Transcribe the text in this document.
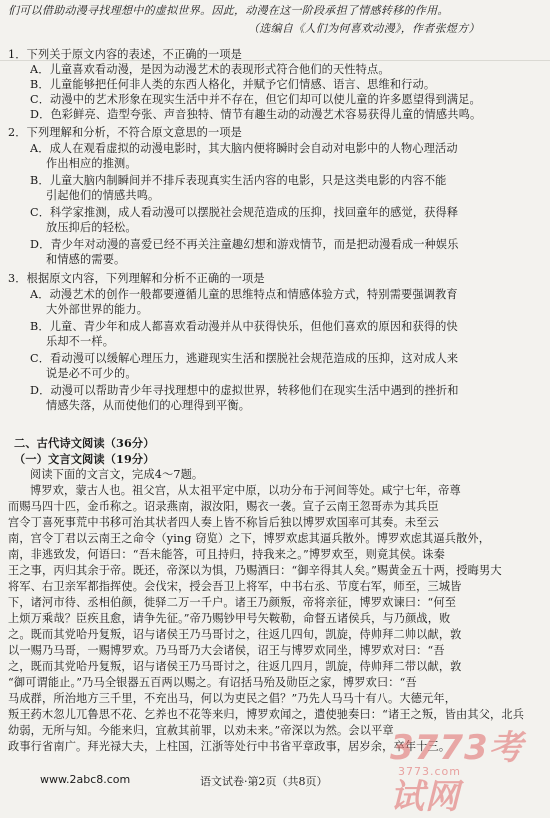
们可以借助动漫寻找理想中的虚拟世界。因此，动漫在这一阶段承担了情感转移的作用。
（选编自《人们为何喜欢动漫》，作者张煜方）
1．下列关于原文内容的表述，不正确的一项是
A．儿童喜欢看动漫，是因为动漫艺术的表现形式符合他们的天性特点。
B．儿童能够把任何非人类的东西人格化，并赋予它们情感、语言、思维和行动。
C．动漫中的艺术形象在现实生活中并不存在，但它们却可以使儿童的许多愿望得到满足。
D．色彩鲜亮、造型夸张、声音独特、情节有趣生动的动漫艺术容易获得儿童的情感共鸣。
2．下列理解和分析，不符合原文意思的一项是
A．成人在观看虚拟的动漫电影时，其大脑内便将瞬时会自动对电影中的人物心理活动
作出相应的推测。
B．儿童大脑内制瞬间并不排斥表现真实生活内容的电影，只是这类电影的内容不能
引起他们的情感共鸣。
C．科学家推测，成人看动漫可以摆脱社会规范造成的压抑，找回童年的感觉，获得释
放压抑后的轻松。
D．青少年对动漫的喜爱已经不再关注童趣幻想和游戏情节，而是把动漫看成一种娱乐
和情感的需要。
3．根据原文内容，下列理解和分析不正确的一项是
A．动漫艺术的创作一般都要遵循儿童的思维特点和情感体验方式，特别需要强调教育
大外部世界的能力。
B．儿童、青少年和成人都喜欢看动漫并从中获得快乐，但他们喜欢的原因和获得的快
乐却不一样。
C．看动漫可以缓解心理压力，逃避现实生活和摆脱社会规范造成的压抑，这对成人来
说是必不可少的。
D．动漫可以帮助青少年寻找理想中的虚拟世界，转移他们在现实生活中遇到的挫折和
情感失落，从而使他们的心理得到平衡。
二、古代诗文阅读（36分）
（一）文言文阅读（19分）
阅读下面的文言文，完成4～7题。
博罗欢，蒙古人也。祖父宫，从太祖平定中原，以功分布于河间等处。咸宁七年，帝尊
而赐马四十匹，金币称之。诏录燕南，淑汝阳，赐衣一袭。宣子云南王忽哥赤为其兵臣
宫令丁喜死事荒中书移可治其状者四人奏上皆不称旨后独以博罗欢国率可其奏。未至云
南，宫令丁君以云南王之命令（ying 窃览）之下，博罗欢虑其逼兵散外。博罗欢虑其逼兵散外，
南，非逃致发，何语曰：“吾未能答，可且持归，持我来之。”博罗欢至，则竟其侯。诛秦
王之事，丙归其余于帝。既还，帝深以为惧，乃赐酒曰：“御辛得其人矣。”赐黄金五十两，授晦男大
将军、右卫亲军都指挥使。会伐宋，授会吾卫上将军，中书右丞、节度右军，师至，三城皆
下，诸河市待、丞相伯颜，徙驿二万一千户。诸王乃颜叛，帝将亲征，博罗欢谏曰：“何至
上烦万乘哉？臣疾且愈，请争先征。”帝乃赐钞甲号矢鞍勒，命督五诸侯兵，与乃颜战，败
之。既而其党哈丹复叛，诏与诸侯王乃马哥讨之，往返几四旬，凯旋，侍帅拜二帅以献，敦
以一赐乃马哥，一赐博罗欢。乃马哥乃大会诸侯，诏王与博罗欢同坐，博罗欢对曰：“吾
之，既而其党哈丹复叛，诏与诸侯王乃马哥讨之，往返几四月，凯旋，侍帅拜二带以献，敦
“御可谓能止。”乃马全银器五百两以赐之。有诏括马殆及勋臣之家，博罗欢曰：“吾
马成群，所治地方三千里，不充出马，何以为吏民之倡？”乃先人马马十有八。大德元年，
叛王药木忽儿兀鲁思不花、乞养也不花等来归，博罗欢闻之，遣使驰奏曰：“诸王之叛，皆由其父，北兵
幼弱，无所与知。今能来归，宜赦其前罪，以劝未来。”帝深以为然。会以平章
政事行省南广。拜光禄大夫，上柱国，江浙等处行中书省平章政事，居岁余，卒年十三。
www.2abc8.com	语文试卷·第2页（共8页）
3773考试网
3773.com
